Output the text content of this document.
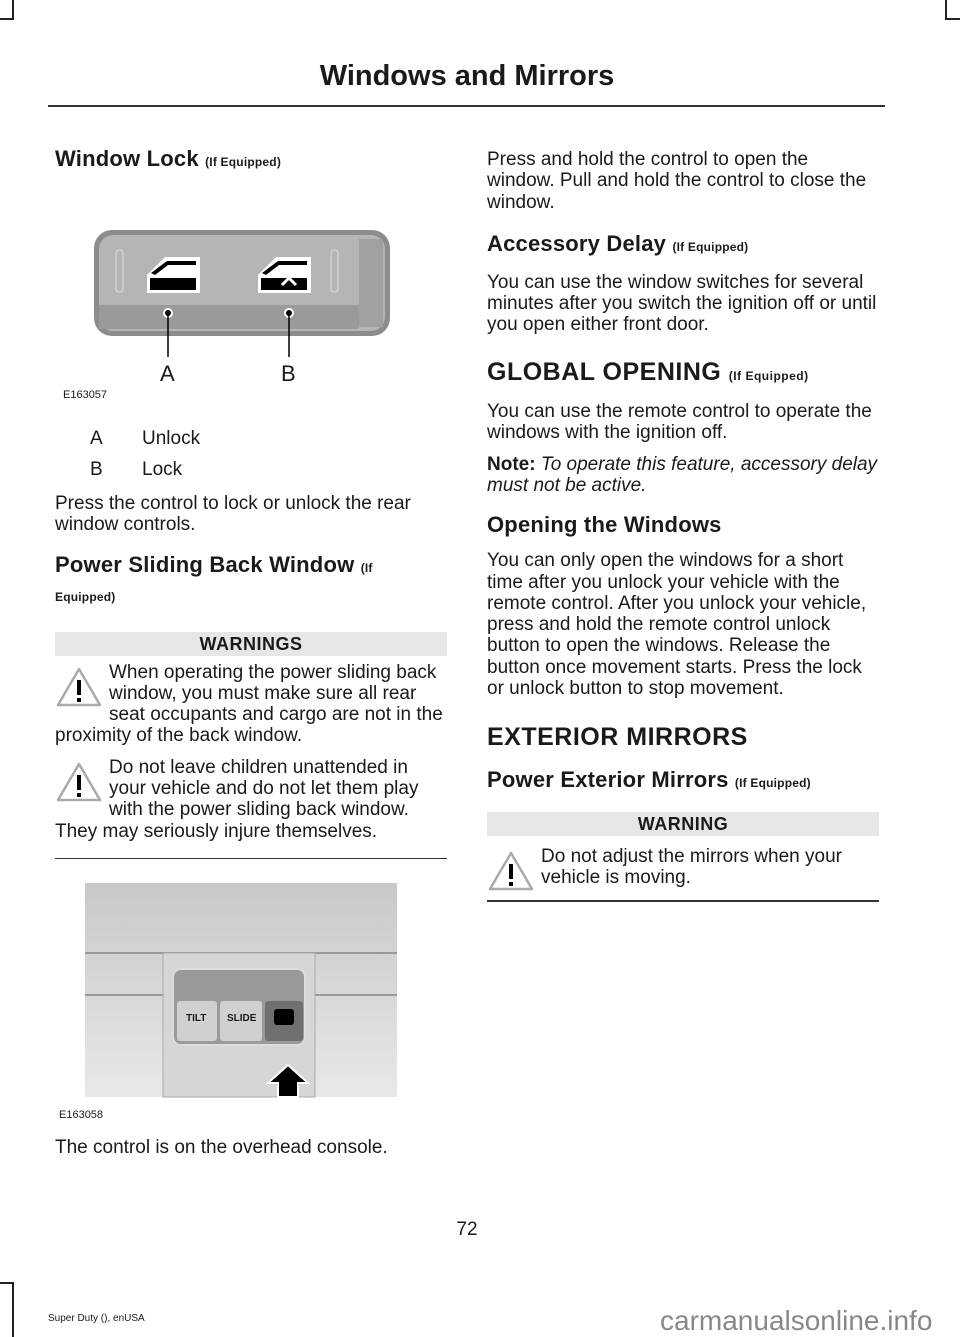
Windows and Mirrors
Window Lock (If Equipped)
A	B
E163057
A	Unlock
B	Lock

Press the control to lock or unlock the rear window controls.

Power Sliding Back Window (If
Equipped)
WARNINGS
When operating the power sliding back window, you must make sure all rear seat occupants and cargo are not in the proximity of the back window.
Do not leave children unattended in your vehicle and do not let them play with the power sliding back window. They may seriously injure themselves.
TILT SLIDE
E163058

The control is on the overhead console.

Press and hold the control to open the window. Pull and hold the control to close the window.

Accessory Delay (If Equipped)

You can use the window switches for several minutes after you switch the ignition off or until you open either front door.

GLOBAL OPENING (If Equipped)

You can use the remote control to operate the windows with the ignition off.

Note: To operate this feature, accessory delay must not be active.

Opening the Windows

You can only open the windows for a short time after you unlock your vehicle with the remote control. After you unlock your vehicle, press and hold the remote control unlock button to open the windows. Release the button once movement starts. Press the lock or unlock button to stop movement.

EXTERIOR MIRRORS
Power Exterior Mirrors (If Equipped)
WARNING
Do not adjust the mirrors when your vehicle is moving.
72
Super Duty (), enUSA	carmanualsonline.info
